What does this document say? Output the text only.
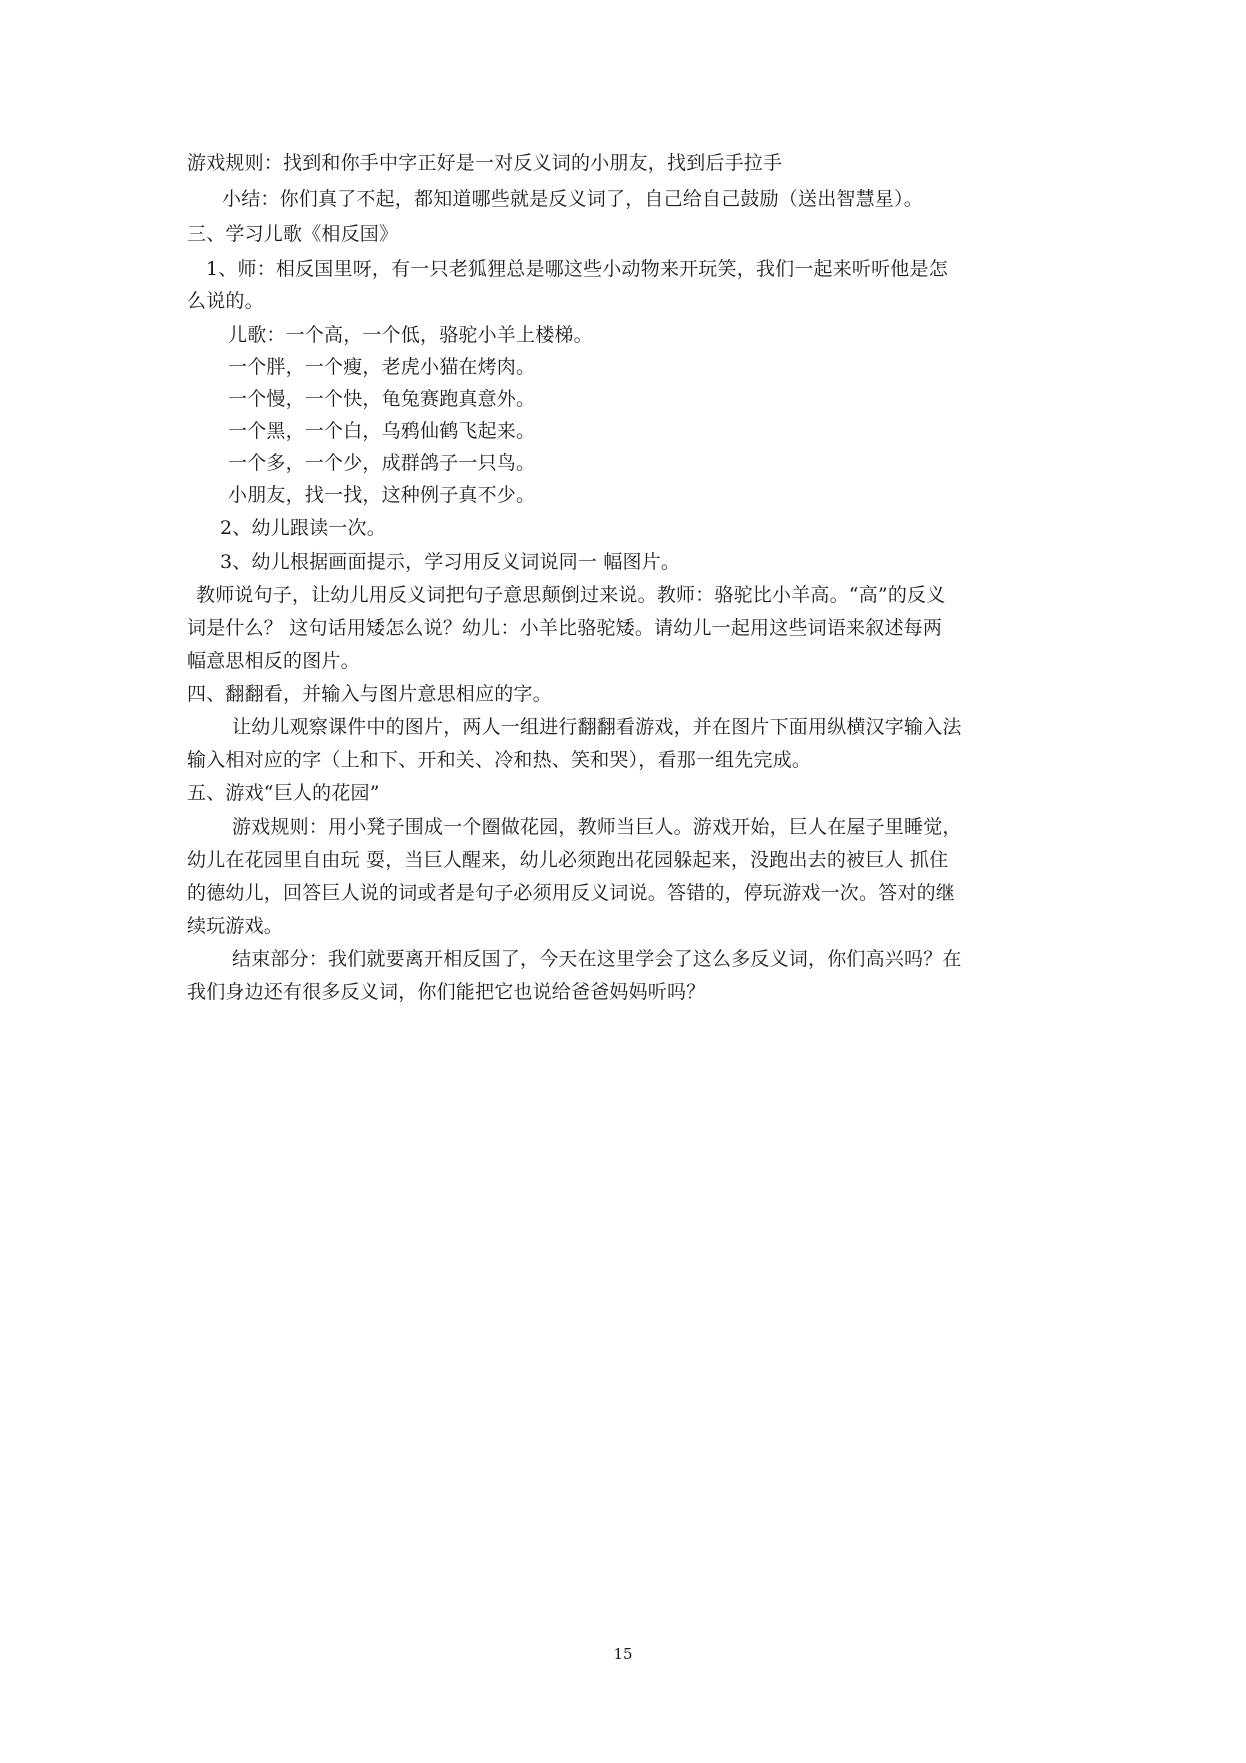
游戏规则：找到和你手中字正好是一对反义词的小朋友，找到后手拉手
小结：你们真了不起，都知道哪些就是反义词了，自己给自己鼓励（送出智慧星）。
三、学习儿歌《相反国》
1、师：相反国里呀，有一只老狐狸总是哪这些小动物来开玩笑，我们一起来听听他是怎
么说的。
儿歌：一个高，一个低，骆驼小羊上楼梯。
一个胖，一个瘦，老虎小猫在烤肉。
一个慢，一个快，龟兔赛跑真意外。
一个黑，一个白，乌鸦仙鹤飞起来。
一个多，一个少，成群鸽子一只鸟。
小朋友，找一找，这种例子真不少。
2、幼儿跟读一次。
3、幼儿根据画面提示，学习用反义词说同一 幅图片。
教师说句子，让幼儿用反义词把句子意思颠倒过来说。教师：骆驼比小羊高。“高”的反义
词是什么？ 这句话用矮怎么说？幼儿：小羊比骆驼矮。请幼儿一起用这些词语来叙述每两
幅意思相反的图片。
四、翻翻看，并输入与图片意思相应的字。
让幼儿观察课件中的图片，两人一组进行翻翻看游戏，并在图片下面用纵横汉字输入法
输入相对应的字（上和下、开和关、冷和热、笑和哭），看那一组先完成。
五、游戏“巨人的花园”
游戏规则：用小凳子围成一个圈做花园，教师当巨人。游戏开始，巨人在屋子里睡觉，
幼儿在花园里自由玩 耍，当巨人醒来，幼儿必须跑出花园躲起来，没跑出去的被巨人 抓住
的德幼儿，回答巨人说的词或者是句子必须用反义词说。答错的，停玩游戏一次。答对的继
续玩游戏。
结束部分：我们就要离开相反国了，今天在这里学会了这么多反义词，你们高兴吗？在
我们身边还有很多反义词，你们能把它也说给爸爸妈妈听吗？
15
